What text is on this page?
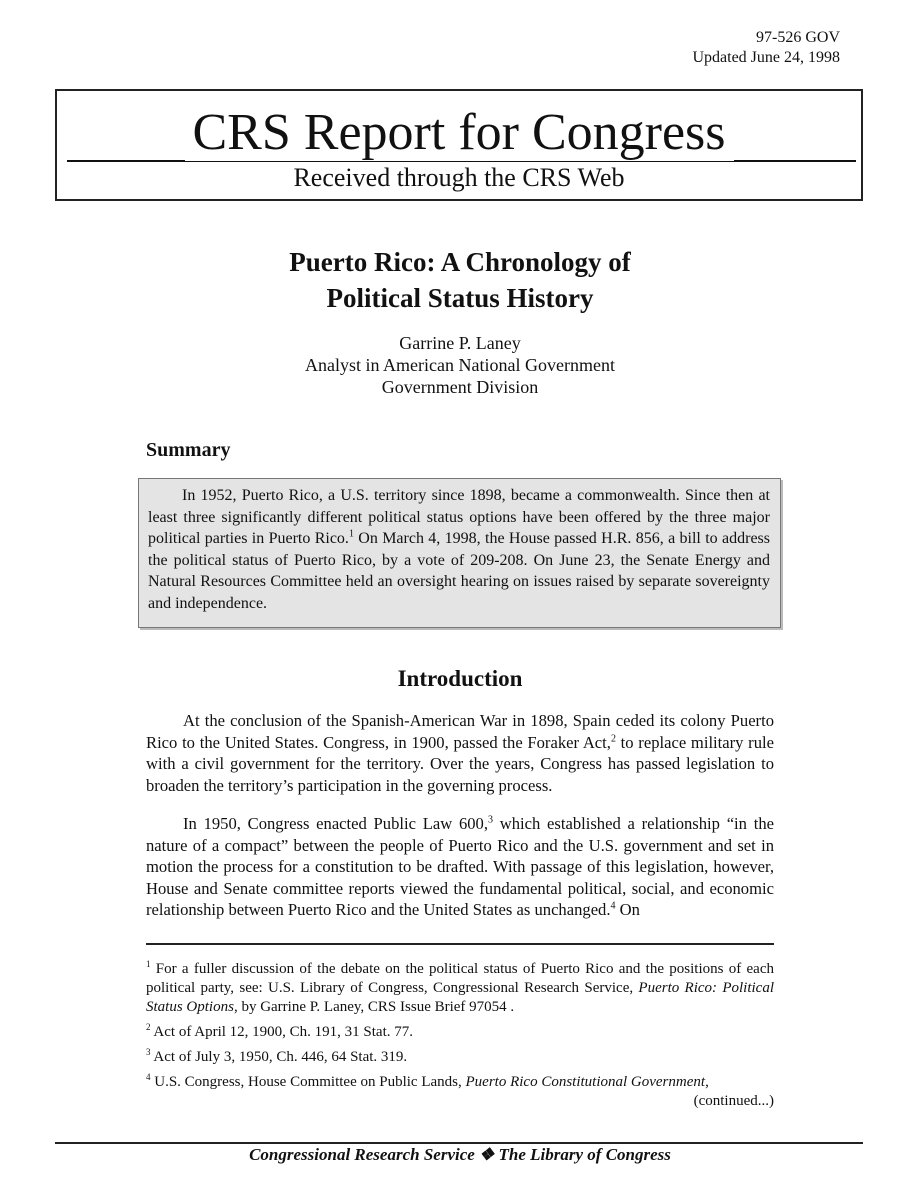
97-526 GOV
Updated June 24, 1998
CRS Report for Congress
Received through the CRS Web
Puerto Rico: A Chronology of
Political Status History
Garrine P. Laney
Analyst in American National Government
Government Division
Summary
In 1952, Puerto Rico, a U.S. territory since 1898, became a commonwealth. Since then at least three significantly different political status options have been offered by the three major political parties in Puerto Rico.$^1$ On March 4, 1998, the House passed H.R. 856, a bill to address the political status of Puerto Rico, by a vote of 209-208. On June 23, the Senate Energy and Natural Resources Committee held an oversight hearing on issues raised by separate sovereignty and independence.
Introduction

At the conclusion of the Spanish-American War in 1898, Spain ceded its colony Puerto Rico to the United States. Congress, in 1900, passed the Foraker Act,$^2$ to replace military rule with a civil government for the territory. Over the years, Congress has passed legislation to broaden the territory’s participation in the governing process.

In 1950, Congress enacted Public Law 600,$^3$ which established a relationship “in the nature of a compact” between the people of Puerto Rico and the U.S. government and set in motion the process for a constitution to be drafted. With passage of this legislation, however, House and Senate committee reports viewed the fundamental political, social, and economic relationship between Puerto Rico and the United States as unchanged.$^4$ On

$^1$ For a fuller discussion of the debate on the political status of Puerto Rico and the positions of each political party, see: U.S. Library of Congress, Congressional Research Service, Puerto Rico: Political Status Options, by Garrine P. Laney, CRS Issue Brief 97054 .

$^2$ Act of April 12, 1900, Ch. 191, 31 Stat. 77.

$^3$ Act of July 3, 1950, Ch. 446, 64 Stat. 319.

$^4$ U.S. Congress, House Committee on Public Lands, Puerto Rico Constitutional Government,

(continued...)
Congressional Research Service ❖ The Library of Congress
